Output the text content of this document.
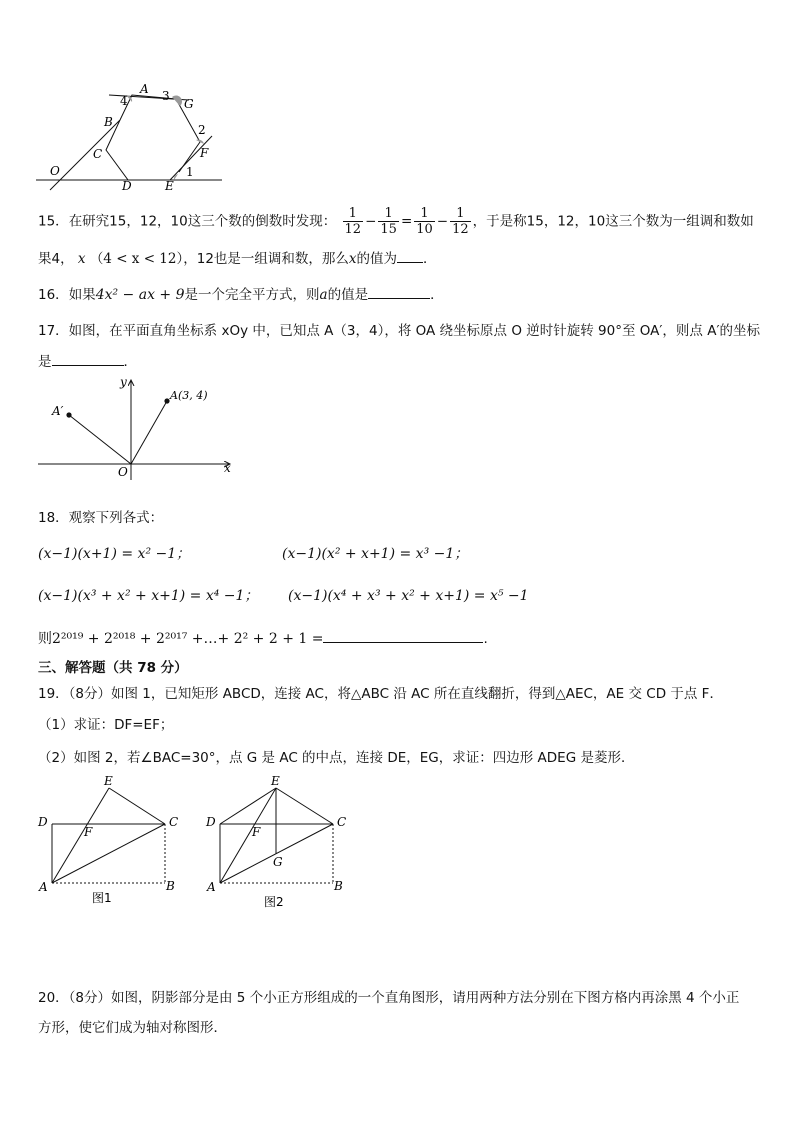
A 3
G
4
B
2
F
C
O
D	E
1
15．在研究15，12，10这三个数的倒数时发现： $\frac{1}{12} - \frac{1}{15} = \frac{1}{10} - \frac{1}{12}$ ，于是称15，12，10这三个数为一组调和数如
果4， x （4 < x < 12），12也是一组调和数，那么x的值为 ．
16．如果4x² − ax + 9是一个完全平方式，则a的值是	．
17．如图，在平面直角坐标系 xOy 中，已知点 A（3，4），将 OA 绕坐标原点 O 逆时针旋转 90°至 OA′，则点 A′的坐标
是	．
y
x
O
A(3, 4)
A′
18．观察下列各式：
(x−1)(x+1) = x² −1；	(x−1)(x² + x+1) = x³ −1；
(x−1)(x³ + x² + x+1) = x⁴ −1； (x−1)(x⁴ + x³ + x² + x+1) = x⁵ −1
则2²⁰¹⁹ + 2²⁰¹⁸ + 2²⁰¹⁷ +…+ 2² + 2 + 1 =	.
三、解答题（共 78 分）
19．（8分）如图 1，已知矩形 ABCD，连接 AC，将△ABC 沿 AC 所在直线翻折，得到△AEC，AE 交 CD 于点 F．
（1）求证：DF=EF；
（2）如图 2，若∠BAC=30°，点 G 是 AC 的中点，连接 DE，EG，求证：四边形 ADEG 是菱形．
E
D	C
F
A	B
图1
E
D	C
F
G
A	B
图2
20．（8分）如图，阴影部分是由 5 个小正方形组成的一个直角图形，请用两种方法分别在下图方格内再涂黑 4 个小正
方形，使它们成为轴对称图形．
